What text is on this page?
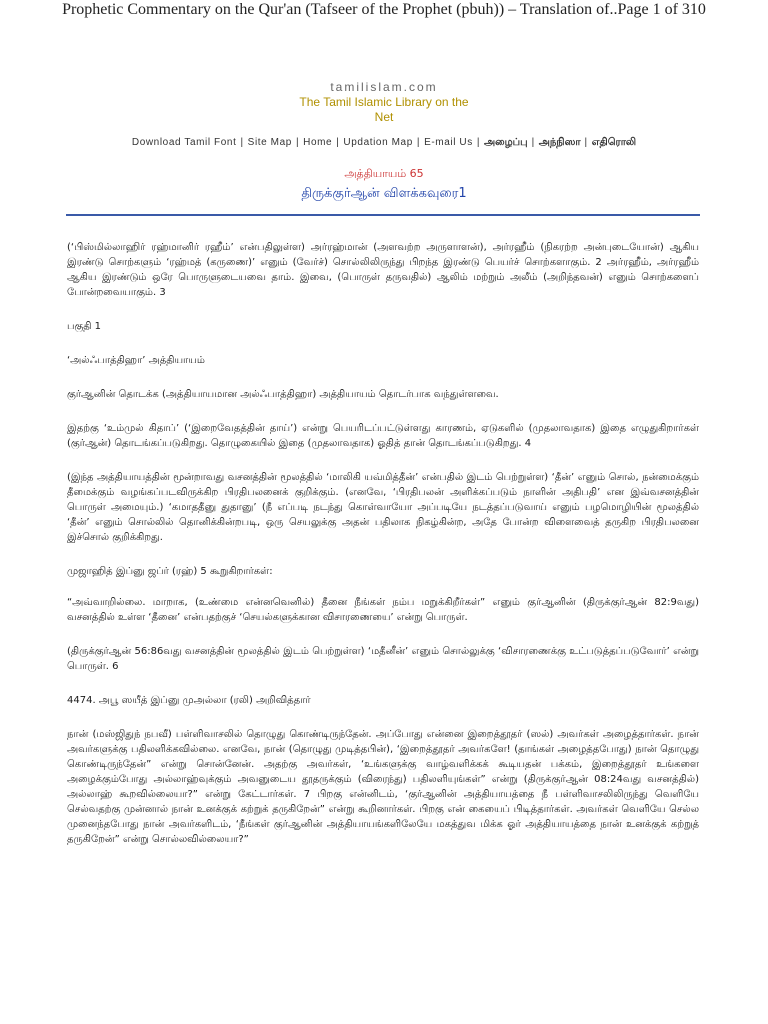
Prophetic Commentary on the Qur'an (Tafseer of the Prophet (pbuh)) – Translation of..Page 1 of 310
tamilislam.com
The Tamil Islamic Library on the
Net
Download Tamil Font | Site Map | Home | Updation Map | E-mail Us | அழைப்பு | அந்நிஸா | எதிரொலி
அத்தியாயம் 65
திருக்குர்ஆன் விளக்கவுரை1

(‘பிஸ்மில்லாஹிர் ரஹ்மானிர் ரஹீம்’ என்பதிலுள்ள) அர்ரஹ்மான் (அளவற்ற அருளாளன்), அர்ரஹீம் (நிகரற்ற அன்புடையோன்) ஆகிய இரண்டு சொற்களும் ‘ரஹ்மத் (கருணை)’ எனும் (வேர்ச்) சொல்லிலிருந்து பிறந்த இரண்டு பெயர்ச் சொற்களாகும். 2 அர்ரஹீம், அர்ரஹீம் ஆகிய இரண்டும் ஒரே பொருளுடையவை தாம். இவை, (பொருள் தருவதில்) ஆலிம் மற்றும் அலீம் (அறிந்தவன்) எனும் சொற்களைப் போன்றவையாகும். 3

பகுதி 1

‘அல்ஃபாத்திஹா’ அத்தியாயம்

குர்ஆனின் தொடக்க (அத்தியாயமான அல்ஃபாத்திஹா) அத்தியாயம் தொடர்பாக வந்துள்ளவை.

இதற்கு ‘உம்முல் கிதாப்’ (‘இறைவேதத்தின் தாய்’) என்று பெயரிடப்பட்டுள்ளது காரணம், ஏடுகளில் (முதலாவதாக) இதை எழுதுகிறார்கள் (குர்ஆன்) தொடங்கப்படுகிறது. தொழுகையில் இதை (முதலாவதாக) ஓதித் தான் தொடங்கப்படுகிறது. 4

(இந்த அத்தியாயத்தின் மூன்றாவது வசனத்தின் மூலத்தில் ‘மாலிகி யவ்மித்தீன்’ என்பதில் இடம் பெற்றுள்ள) ‘தீன்’ எனும் சொல், நன்மைக்கும் தீமைக்கும் வழங்கப்படவிருக்கிற பிரதிபலனைக் குறிக்கும். (எனவே, ‘பிரதிபலன் அளிக்கப்படும் நாளின் அதிபதி’ என இவ்வசனத்தின் பொருள் அமையும்.) ‘கமாததீனு துதானு’ (நீ எப்படி நடந்து கொள்வாயோ அப்படியே நடத்தப்படுவாய் எனும் பழமொழியின் மூலத்தில் ‘தீன்’ எனும் சொல்லில் தொனிக்கின்றபடி, ஒரு செயலுக்கு அதன் பதிலாக நிகழ்கின்ற, அதே போன்ற விளைவைத் தருகிற பிரதிபலனை இச்சொல் குறிக்கிறது.

முஜாஹித் இப்னு ஜப்ர் (ரஹ்) 5 கூறுகிறார்கள்:

“அவ்வாறில்லை. மாறாக, (உண்மை என்னவெனில்) தீனை நீங்கள் நம்ப மறுக்கிறீர்கள்” எனும் குர்ஆனின் (திருக்குர்ஆன் 82:9வது) வசனத்தில் உள்ள ‘தீனை’ என்பதற்குச் ‘செயல்களுக்கான விசாரணையை’ என்று பொருள்.

(திருக்குர்ஆன் 56:86வது வசனத்தின் மூலத்தில் இடம் பெற்றுள்ள) ‘மதீனீன்’ எனும் சொல்லுக்கு ‘விசாரணைக்கு உட்படுத்தப்படுவோர்’ என்று பொருள். 6

4474. அபூ ஸயீத் இப்னு முஅல்லா (ரலி) அறிவித்தார்

நான் (மஸ்ஜிதுந் நபவீ) பள்ளிவாசலில் தொழுது கொண்டிருந்தேன். அப்போது என்னை இறைத்தூதர் (ஸல்) அவர்கள் அழைத்தார்கள். நான் அவர்களுக்கு பதிலளிக்கவில்லை. எனவே, நான் (தொழுது முடித்தபின்), ‘இறைத்தூதர் அவர்களே! (தாங்கள் அழைத்தபோது) நான் தொழுது கொண்டிருந்தேன்” என்று சொன்னேன். அதற்கு அவர்கள், ‘உங்களுக்கு வாழ்வளிக்கக் கூடியதன் பக்கம், இறைத்தூதர் உங்களை அழைக்கும்போது அல்லாஹ்வுக்கும் அவனுடைய தூதருக்கும் (விரைந்து) பதிலளியுங்கள்” என்று (திருக்குர்ஆன் 08:24வது வசனத்தில்) அல்லாஹ் கூறவில்லையா?” என்று கேட்டார்கள். 7 பிறகு என்னிடம், ‘குர்ஆனின் அத்தியாயத்தை நீ பள்ளிவாசலிலிருந்து வெளியே செல்வதற்கு முன்னால் நான் உனக்குக் கற்றுக் தருகிறேன்” என்று கூறினார்கள். பிறகு என் கையைப் பிடித்தார்கள். அவர்கள் வெளியே செல்ல முனைந்தபோது நான் அவர்களிடம், ‘நீங்கள் குர்ஆனின் அத்தியாயங்களிலேயே மகத்துவ மிக்க ஓர் அத்தியாயத்தை நான் உனக்குக் கற்றுத் தருகிறேன்” என்று சொல்லவில்லையா?”
